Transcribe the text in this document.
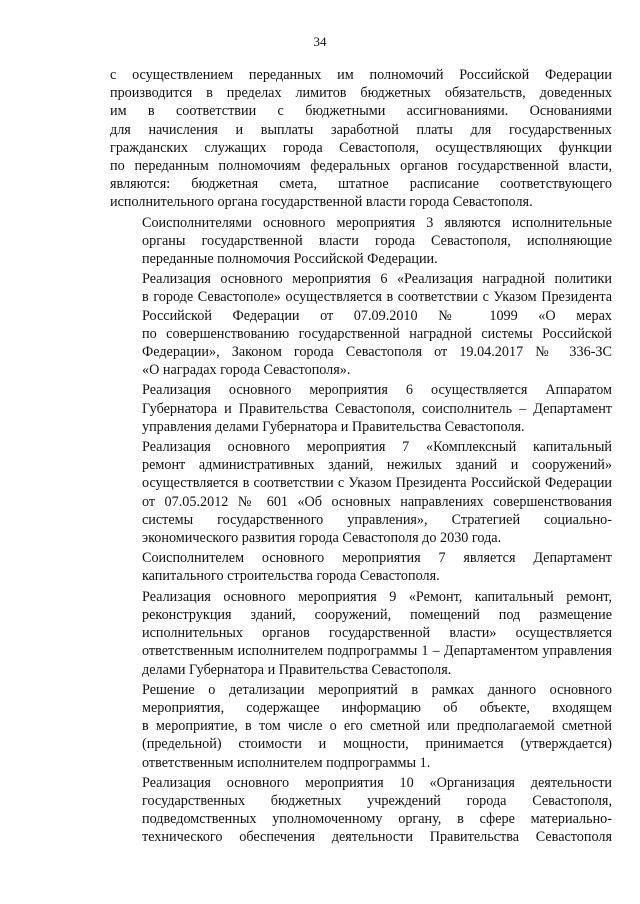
34

с осуществлением переданных им полномочий Российской Федерации
производится в пределах лимитов бюджетных обязательств, доведенных
им в соответствии с бюджетными ассигнованиями. Основаниями
для начисления и выплаты заработной платы для государственных
гражданских служащих города Севастополя, осуществляющих функции
по переданным полномочиям федеральных органов государственной власти,
являются: бюджетная смета, штатное расписание соответствующего
исполнительного органа государственной власти города Севастополя.

Соисполнителями основного мероприятия 3 являются исполнительные
органы государственной власти города Севастополя, исполняющие
переданные полномочия Российской Федерации.

Реализация основного мероприятия 6 «Реализация наградной политики
в городе Севастополе» осуществляется в соответствии с Указом Президента
Российской Федерации от 07.09.2010 № 1099 «О мерах
по совершенствованию государственной наградной системы Российской
Федерации», Законом города Севастополя от 19.04.2017 № 336-ЗС
«О наградах города Севастополя».

Реализация основного мероприятия 6 осуществляется Аппаратом
Губернатора и Правительства Севастополя, соисполнитель – Департамент
управления делами Губернатора и Правительства Севастополя.

Реализация основного мероприятия 7 «Комплексный капитальный
ремонт административных зданий, нежилых зданий и сооружений»
осуществляется в соответствии с Указом Президента Российской Федерации
от 07.05.2012 № 601 «Об основных направлениях совершенствования
системы государственного управления», Стратегией социально-
экономического развития города Севастополя до 2030 года.

Соисполнителем основного мероприятия 7 является Департамент
капитального строительства города Севастополя.

Реализация основного мероприятия 9 «Ремонт, капитальный ремонт,
реконструкция зданий, сооружений, помещений под размещение
исполнительных органов государственной власти» осуществляется
ответственным исполнителем подпрограммы 1 – Департаментом управления
делами Губернатора и Правительства Севастополя.

Решение о детализации мероприятий в рамках данного основного
мероприятия, содержащее информацию об объекте, входящем
в мероприятие, в том числе о его сметной или предполагаемой сметной
(предельной) стоимости и мощности, принимается (утверждается)
ответственным исполнителем подпрограммы 1.

Реализация основного мероприятия 10 «Организация деятельности
государственных бюджетных учреждений города Севастополя,
подведомственных уполномоченному органу, в сфере материально-
технического обеспечения деятельности Правительства Севастополя
